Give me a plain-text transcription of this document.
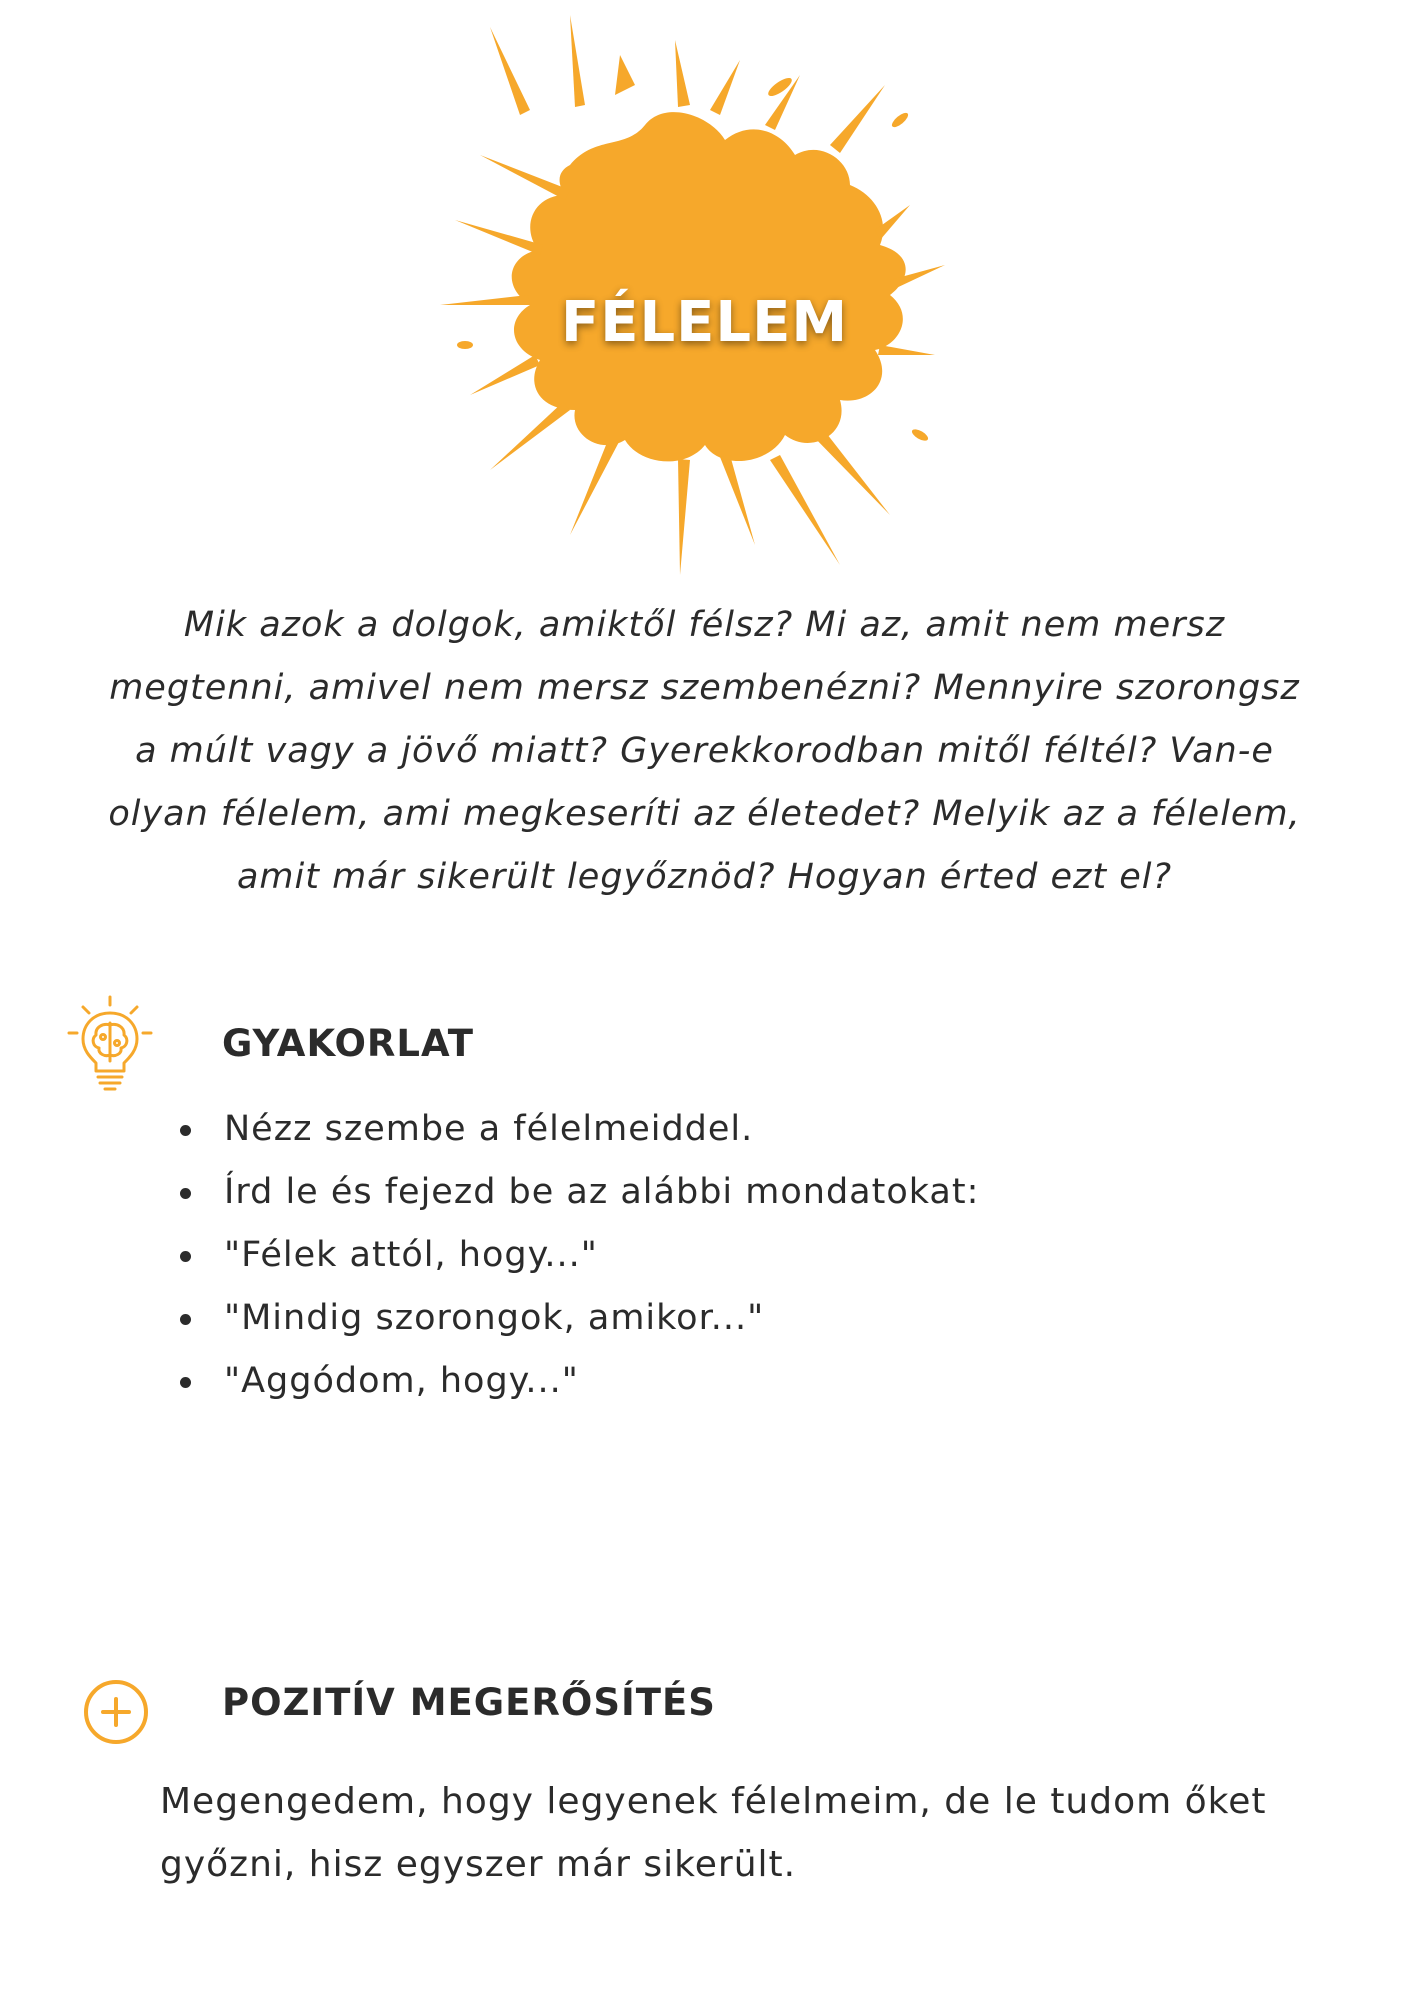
FÉLELEM
Mik azok a dolgok, amiktől félsz? Mi az, amit nem mersz megtenni, amivel nem mersz szembenézni? Mennyire szorongsz a múlt vagy a jövő miatt? Gyerekkorodban mitől féltél? Van-e olyan félelem, ami megkeseríti az életedet? Melyik az a félelem, amit már sikerült legyőznöd? Hogyan érted ezt el?
GYAKORLAT
Nézz szembe a félelmeiddel.
Írd le és fejezd be az alábbi mondatokat:
"Félek attól, hogy..."
"Mindig szorongok, amikor..."
"Aggódom, hogy..."
POZITÍV MEGERŐSÍTÉS
Megengedem, hogy legyenek félelmeim, de le tudom őket győzni, hisz egyszer már sikerült.
